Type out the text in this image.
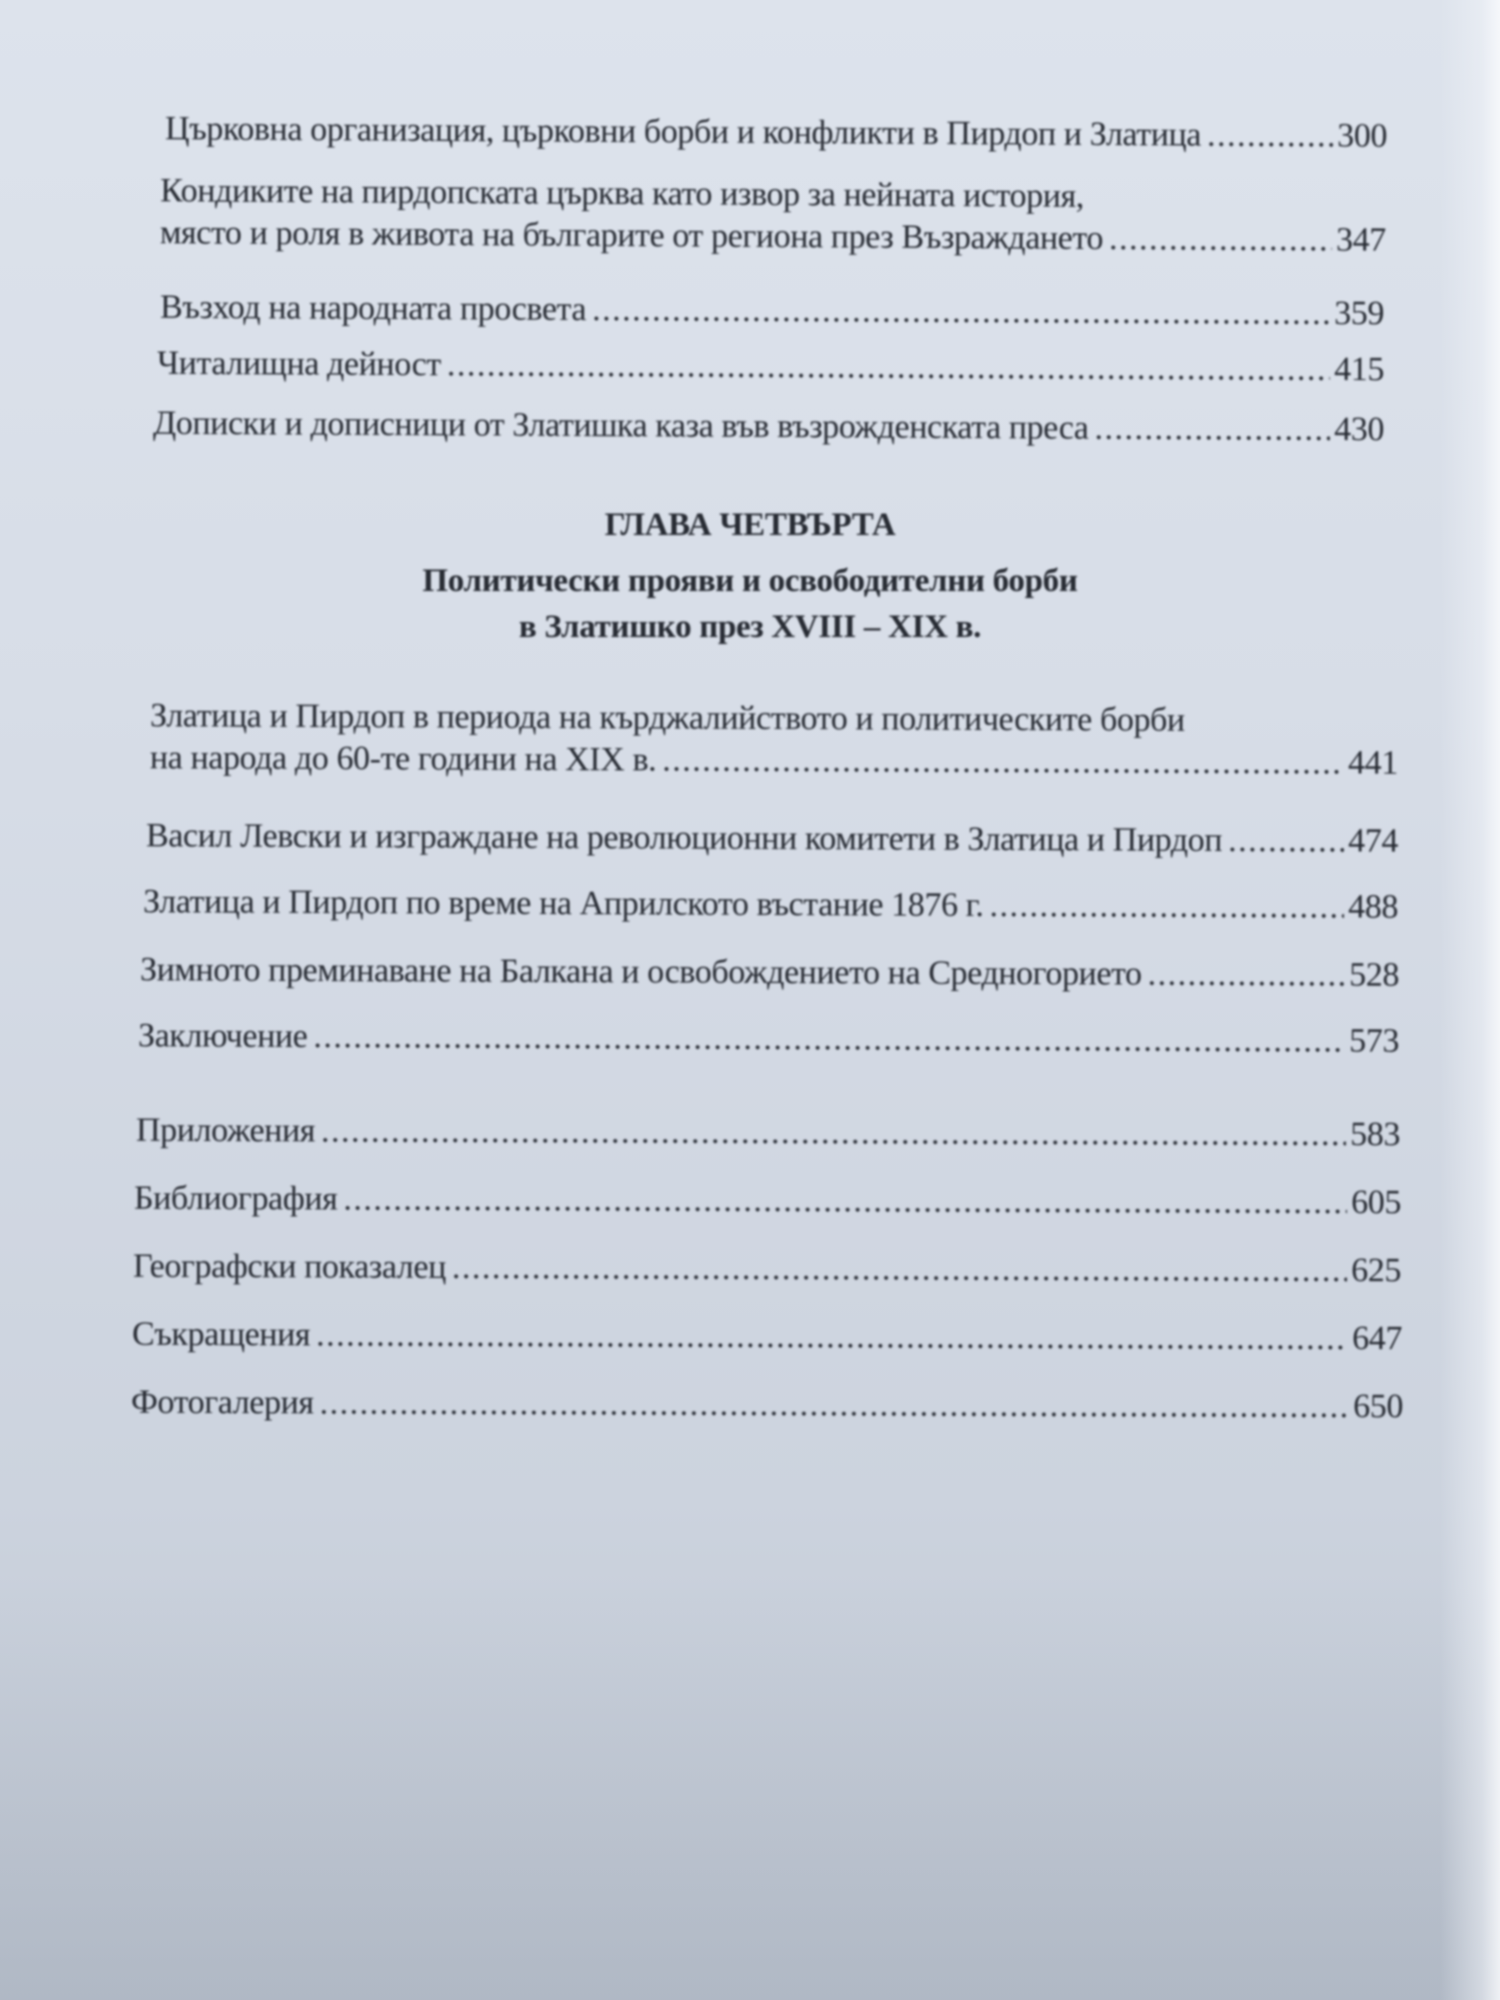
Църковна организация, църковни борби и конфликти в Пирдоп и Златица .....	300
Кондиките на пирдопската църква като извор за нейната история,
място и роля в живота на българите от региона през Възраждането .....	347
Възход на народната просвета .....	359
Читалищна дейност .....	415
Дописки и дописници от Златишка каза във възрожденската преса .....	430
ГЛАВА ЧЕТВЪРТА
Политически прояви и освободителни борби
в Златишко през XVIII – XIX в.
Златица и Пирдоп в периода на кърджалийството и политическите борби
на народа до 60-те години на XIX в. .....	441
Васил Левски и изграждане на революционни комитети в Златица и Пирдоп .....	474
Златица и Пирдоп по време на Априлското въстание 1876 г. .....	488
Зимното преминаване на Балкана и освобождението на Средногорието .....	528
Заключение .....	573
Приложения .....	583
Библиография .....	605
Географски показалец .....	625
Съкращения .....	647
Фотогалерия .....	650
